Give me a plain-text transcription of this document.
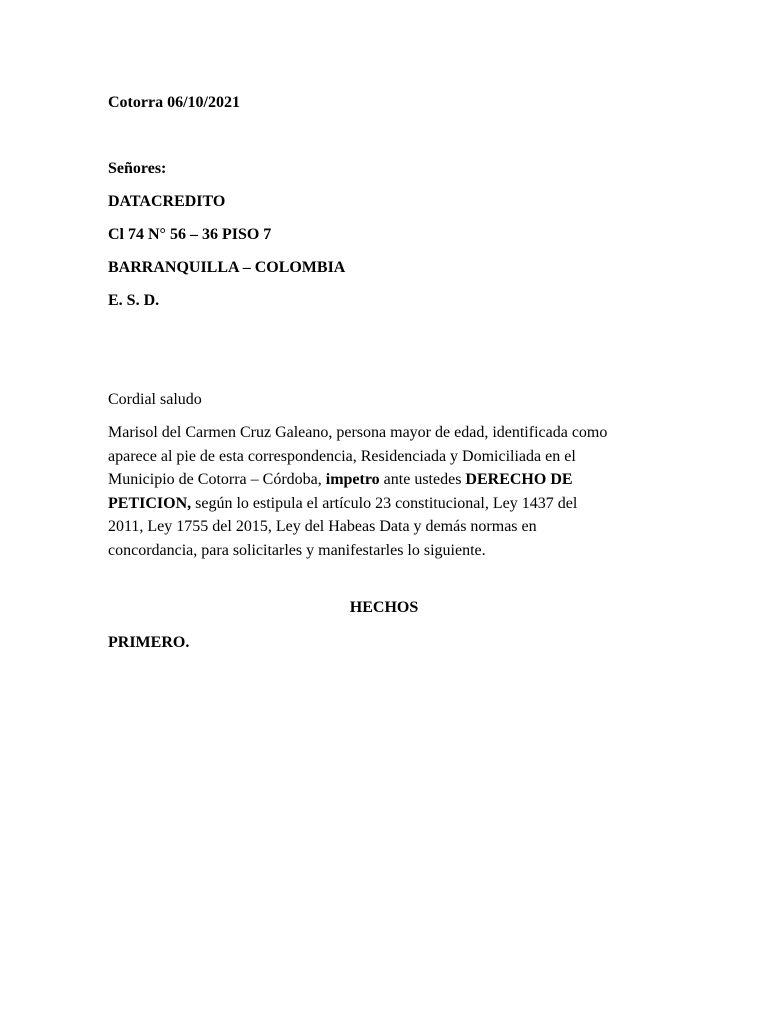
Cotorra 06/10/2021

Señores:

DATACREDITO

Cl 74 N° 56 – 36 PISO 7

BARRANQUILLA – COLOMBIA

E. S. D.

Cordial saludo

Marisol del Carmen Cruz Galeano, persona mayor de edad, identificada como
aparece al pie de esta correspondencia, Residenciada y Domiciliada en el
Municipio de Cotorra – Córdoba, impetro ante ustedes DERECHO DE
PETICION, según lo estipula el artículo 23 constitucional, Ley 1437 del
2011, Ley 1755 del 2015, Ley del Habeas Data y demás normas en
concordancia, para solicitarles y manifestarles lo siguiente.

HECHOS

PRIMERO.
